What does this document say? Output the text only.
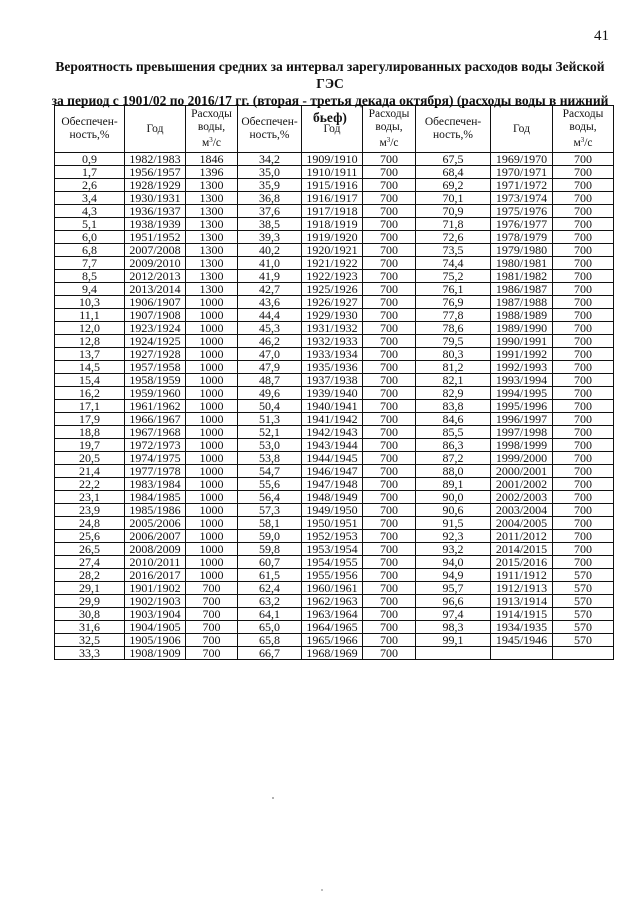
41
Вероятность превышения средних за интервал зарегулированных расходов воды Зейской ГЭС
за период с 1901/02 по 2016/17 гг. (вторая - третья декада октября) (расходы воды в нижний бьеф)
Обеспечен-
ность,%	Год	Расходы
воды,
$м^3/с$	Обеспечен-
ность,%	Год	Расходы
воды,
$м^3/с$	Обеспечен-
ность,%	Год	Расходы
воды,
$м^3/с$
0,9	1982/1983	1846	34,2	1909/1910	700	67,5	1969/1970	700
1,7	1956/1957	1396	35,0	1910/1911	700	68,4	1970/1971	700
2,6	1928/1929	1300	35,9	1915/1916	700	69,2	1971/1972	700
3,4	1930/1931	1300	36,8	1916/1917	700	70,1	1973/1974	700
4,3	1936/1937	1300	37,6	1917/1918	700	70,9	1975/1976	700
5,1	1938/1939	1300	38,5	1918/1919	700	71,8	1976/1977	700
6,0	1951/1952	1300	39,3	1919/1920	700	72,6	1978/1979	700
6,8	2007/2008	1300	40,2	1920/1921	700	73,5	1979/1980	700
7,7	2009/2010	1300	41,0	1921/1922	700	74,4	1980/1981	700
8,5	2012/2013	1300	41,9	1922/1923	700	75,2	1981/1982	700
9,4	2013/2014	1300	42,7	1925/1926	700	76,1	1986/1987	700
10,3	1906/1907	1000	43,6	1926/1927	700	76,9	1987/1988	700
11,1	1907/1908	1000	44,4	1929/1930	700	77,8	1988/1989	700
12,0	1923/1924	1000	45,3	1931/1932	700	78,6	1989/1990	700
12,8	1924/1925	1000	46,2	1932/1933	700	79,5	1990/1991	700
13,7	1927/1928	1000	47,0	1933/1934	700	80,3	1991/1992	700
14,5	1957/1958	1000	47,9	1935/1936	700	81,2	1992/1993	700
15,4	1958/1959	1000	48,7	1937/1938	700	82,1	1993/1994	700
16,2	1959/1960	1000	49,6	1939/1940	700	82,9	1994/1995	700
17,1	1961/1962	1000	50,4	1940/1941	700	83,8	1995/1996	700
17,9	1966/1967	1000	51,3	1941/1942	700	84,6	1996/1997	700
18,8	1967/1968	1000	52,1	1942/1943	700	85,5	1997/1998	700
19,7	1972/1973	1000	53,0	1943/1944	700	86,3	1998/1999	700
20,5	1974/1975	1000	53,8	1944/1945	700	87,2	1999/2000	700
21,4	1977/1978	1000	54,7	1946/1947	700	88,0	2000/2001	700
22,2	1983/1984	1000	55,6	1947/1948	700	89,1	2001/2002	700
23,1	1984/1985	1000	56,4	1948/1949	700	90,0	2002/2003	700
23,9	1985/1986	1000	57,3	1949/1950	700	90,6	2003/2004	700
24,8	2005/2006	1000	58,1	1950/1951	700	91,5	2004/2005	700
25,6	2006/2007	1000	59,0	1952/1953	700	92,3	2011/2012	700
26,5	2008/2009	1000	59,8	1953/1954	700	93,2	2014/2015	700
27,4	2010/2011	1000	60,7	1954/1955	700	94,0	2015/2016	700
28,2	2016/2017	1000	61,5	1955/1956	700	94,9	1911/1912	570
29,1	1901/1902	700	62,4	1960/1961	700	95,7	1912/1913	570
29,9	1902/1903	700	63,2	1962/1963	700	96,6	1913/1914	570
30,8	1903/1904	700	64,1	1963/1964	700	97,4	1914/1915	570
31,6	1904/1905	700	65,0	1964/1965	700	98,3	1934/1935	570
32,5	1905/1906	700	65,8	1965/1966	700	99,1	1945/1946	570
33,3	1908/1909	700	66,7	1968/1969	700			
